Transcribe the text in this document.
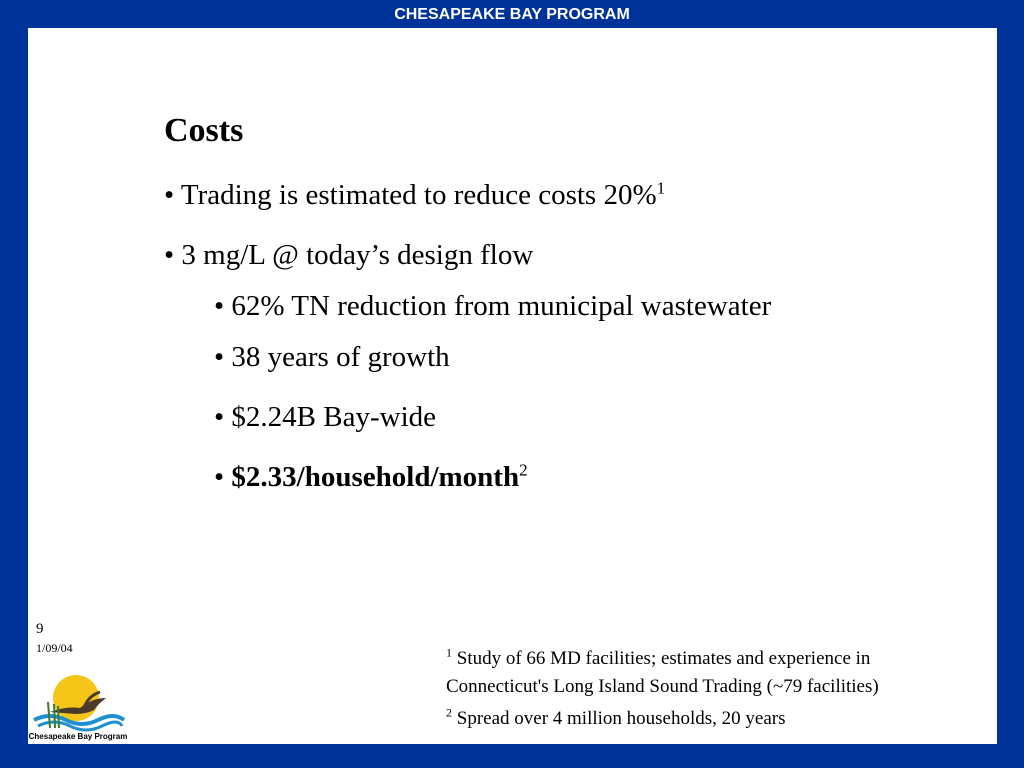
CHESAPEAKE BAY PROGRAM
Costs
• Trading is estimated to reduce costs 20%$^1$
• 3 mg/L @ today’s design flow
• 62% TN reduction from municipal wastewater
• 38 years of growth
• $2.24B Bay-wide
• $2.33/household/month$^2$
9
1/09/04
Chesapeake Bay Program
$^1$ Study of 66 MD facilities; estimates and experience in
Connecticut's Long Island Sound Trading (~79 facilities)
$^2$ Spread over 4 million households, 20 years
